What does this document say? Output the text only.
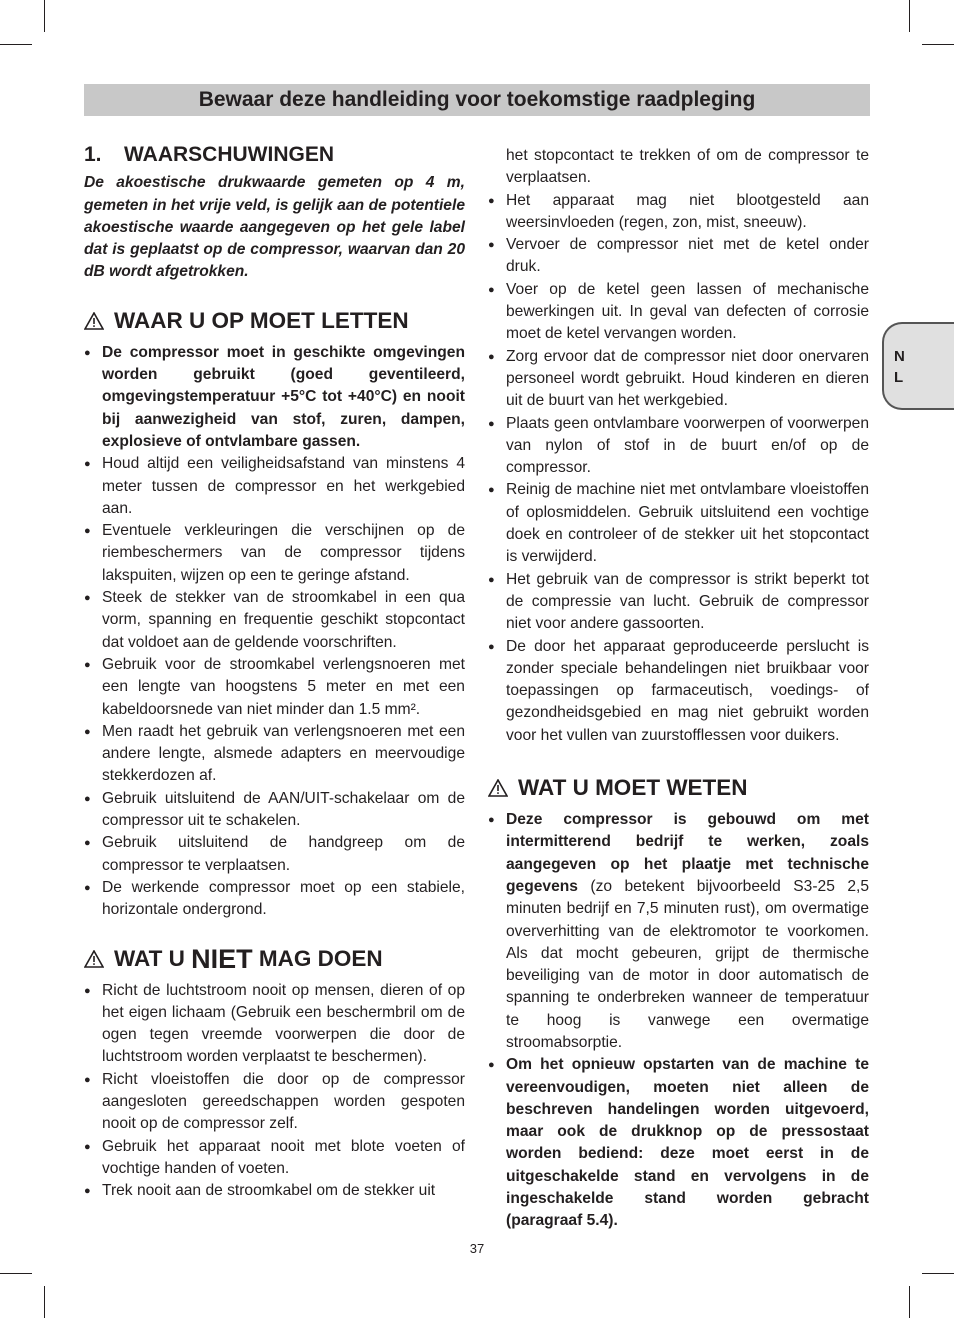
Bewaar deze handleiding voor toekomstige raadpleging
1.	WAARSCHUWINGEN

De akoestische drukwaarde gemeten op 4 m, gemeten in het vrije veld, is gelijk aan de potentiele akoestische waarde aangegeven op het gele label dat is geplaatst op de compressor, waarvan dan 20 dB wordt afgetrokken.

WAAR U OP MOET LETTEN
● De compressor moet in geschikte omgevingen worden gebruikt (goed geventileerd, omgevingstemperatuur +5°C tot +40°C) en nooit bij aanwezigheid van stof, zuren, dampen, explosieve of ontvlambare gassen.
● Houd altijd een veiligheidsafstand van minstens 4 meter tussen de compressor en het werkgebied aan.
● Eventuele verkleuringen die verschijnen op de riembeschermers van de compressor tijdens lakspuiten, wijzen op een te geringe afstand.
● Steek de stekker van de stroomkabel in een qua vorm, spanning en frequentie geschikt stopcontact dat voldoet aan de geldende voorschriften.
● Gebruik voor de stroomkabel verlengsnoeren met een lengte van hoogstens 5 meter en met een kabeldoorsnede van niet minder dan 1.5 mm².
● Men raadt het gebruik van verlengsnoeren met een andere lengte, alsmede adapters en meervoudige stekkerdozen af.
● Gebruik uitsluitend de AAN/UIT-schakelaar om de compressor uit te schakelen.
● Gebruik uitsluitend de handgreep om de compressor te verplaatsen.
● De werkende compressor moet op een stabiele, horizontale ondergrond.
WAT U
NIET
MAG DOEN
● Richt de luchtstroom nooit op mensen, dieren of op het eigen lichaam (Gebruik een beschermbril om de ogen tegen vreemde voorwerpen die door de luchtstroom worden verplaatst te beschermen).
● Richt vloeistoffen die door op de compressor aangesloten gereedschappen worden gespoten nooit op de compressor zelf.
● Gebruik het apparaat nooit met blote voeten of vochtige handen of voeten.
● Trek nooit aan de stroomkabel om de stekker uit

het stopcontact te trekken of om de compressor te verplaatsen.

● Het apparaat mag niet blootgesteld aan weersinvloeden (regen, zon, mist, sneeuw).
● Vervoer de compressor niet met de ketel onder druk.
● Voer op de ketel geen lassen of mechanische bewerkingen uit. In geval van defecten of corrosie moet de ketel vervangen worden.
● Zorg ervoor dat de compressor niet door onervaren personeel wordt gebruikt. Houd kinderen en dieren uit de buurt van het werkgebied.
● Plaats geen ontvlambare voorwerpen of voorwerpen van nylon of stof in de buurt en/of op de compressor.
● Reinig de machine niet met ontvlambare vloeistoffen of oplosmiddelen. Gebruik uitsluitend een vochtige doek en controleer of de stekker uit het stopcontact is verwijderd.
● Het gebruik van de compressor is strikt beperkt tot de compressie van lucht. Gebruik de compressor niet voor andere gassoorten.
● De door het apparaat geproduceerde perslucht is zonder speciale behandelingen niet bruikbaar voor toepassingen op farmaceutisch, voedings- of gezondheidsgebied en mag niet gebruikt worden voor het vullen van zuurstofflessen voor duikers.
WAT U MOET WETEN
● Deze compressor is gebouwd om met intermitterend bedrijf te werken, zoals aangegeven op het plaatje met technische gegevens (zo betekent bijvoorbeeld S3-25 2,5 minuten bedrijf en 7,5 minuten rust), om overmatige oververhitting van de elektromotor te voorkomen. Als dat mocht gebeuren, grijpt de thermische beveiliging van de motor in door automatisch de spanning te onderbreken wanneer de temperatuur te hoog is vanwege een overmatige stroomabsorptie.
● Om het opnieuw opstarten van de machine te vereenvoudigen, moeten niet alleen de beschreven handelingen worden uitgevoerd, maar ook de drukknop op de pressostaat worden bediend: deze moet eerst in de uitgeschakelde stand en vervolgens in de ingeschakelde stand worden gebracht (paragraaf 5.4).
N
L
37
